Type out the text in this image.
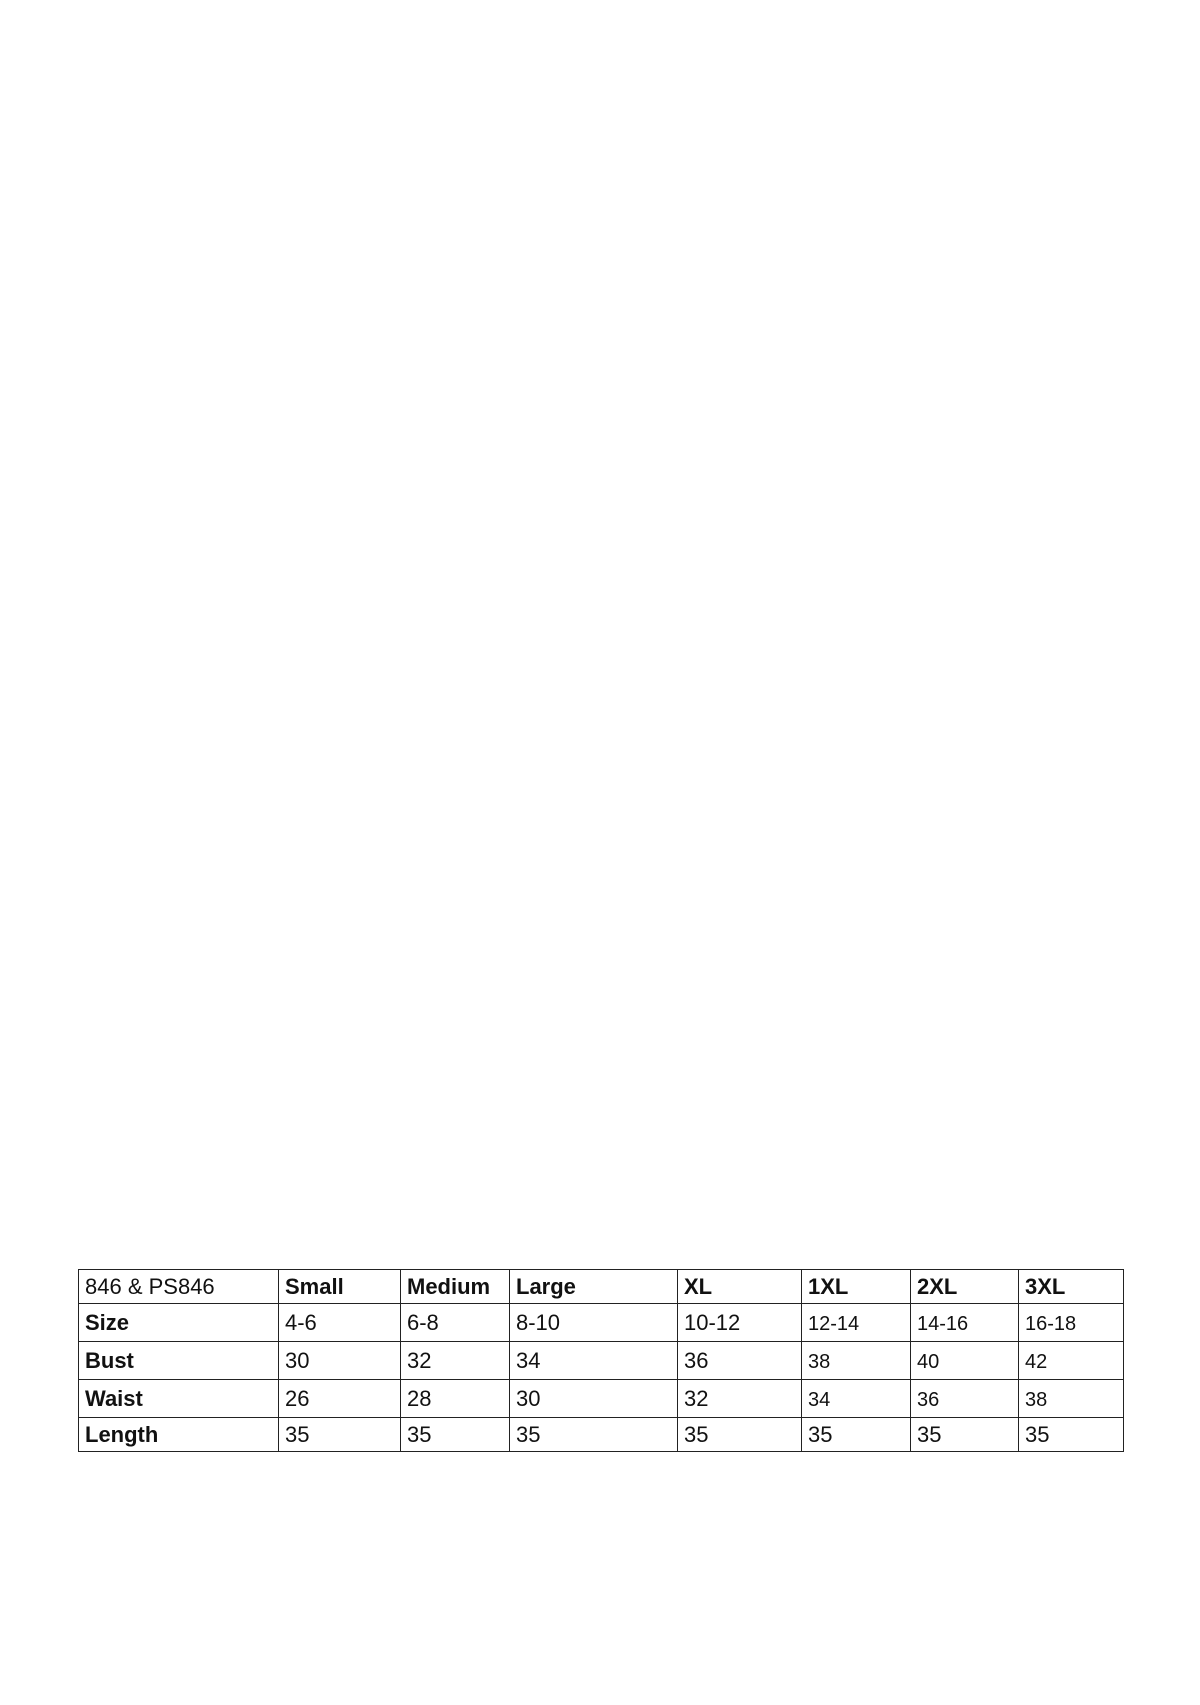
846 & PS846	Small	Medium	Large	XL	1XL	2XL	3XL
Size	4-6	6-8	8-10	10-12	12-14	14-16	16-18
Bust	30	32	34	36	38	40	42
Waist	26	28	30	32	34	36	38
Length	35	35	35	35	35	35	35
